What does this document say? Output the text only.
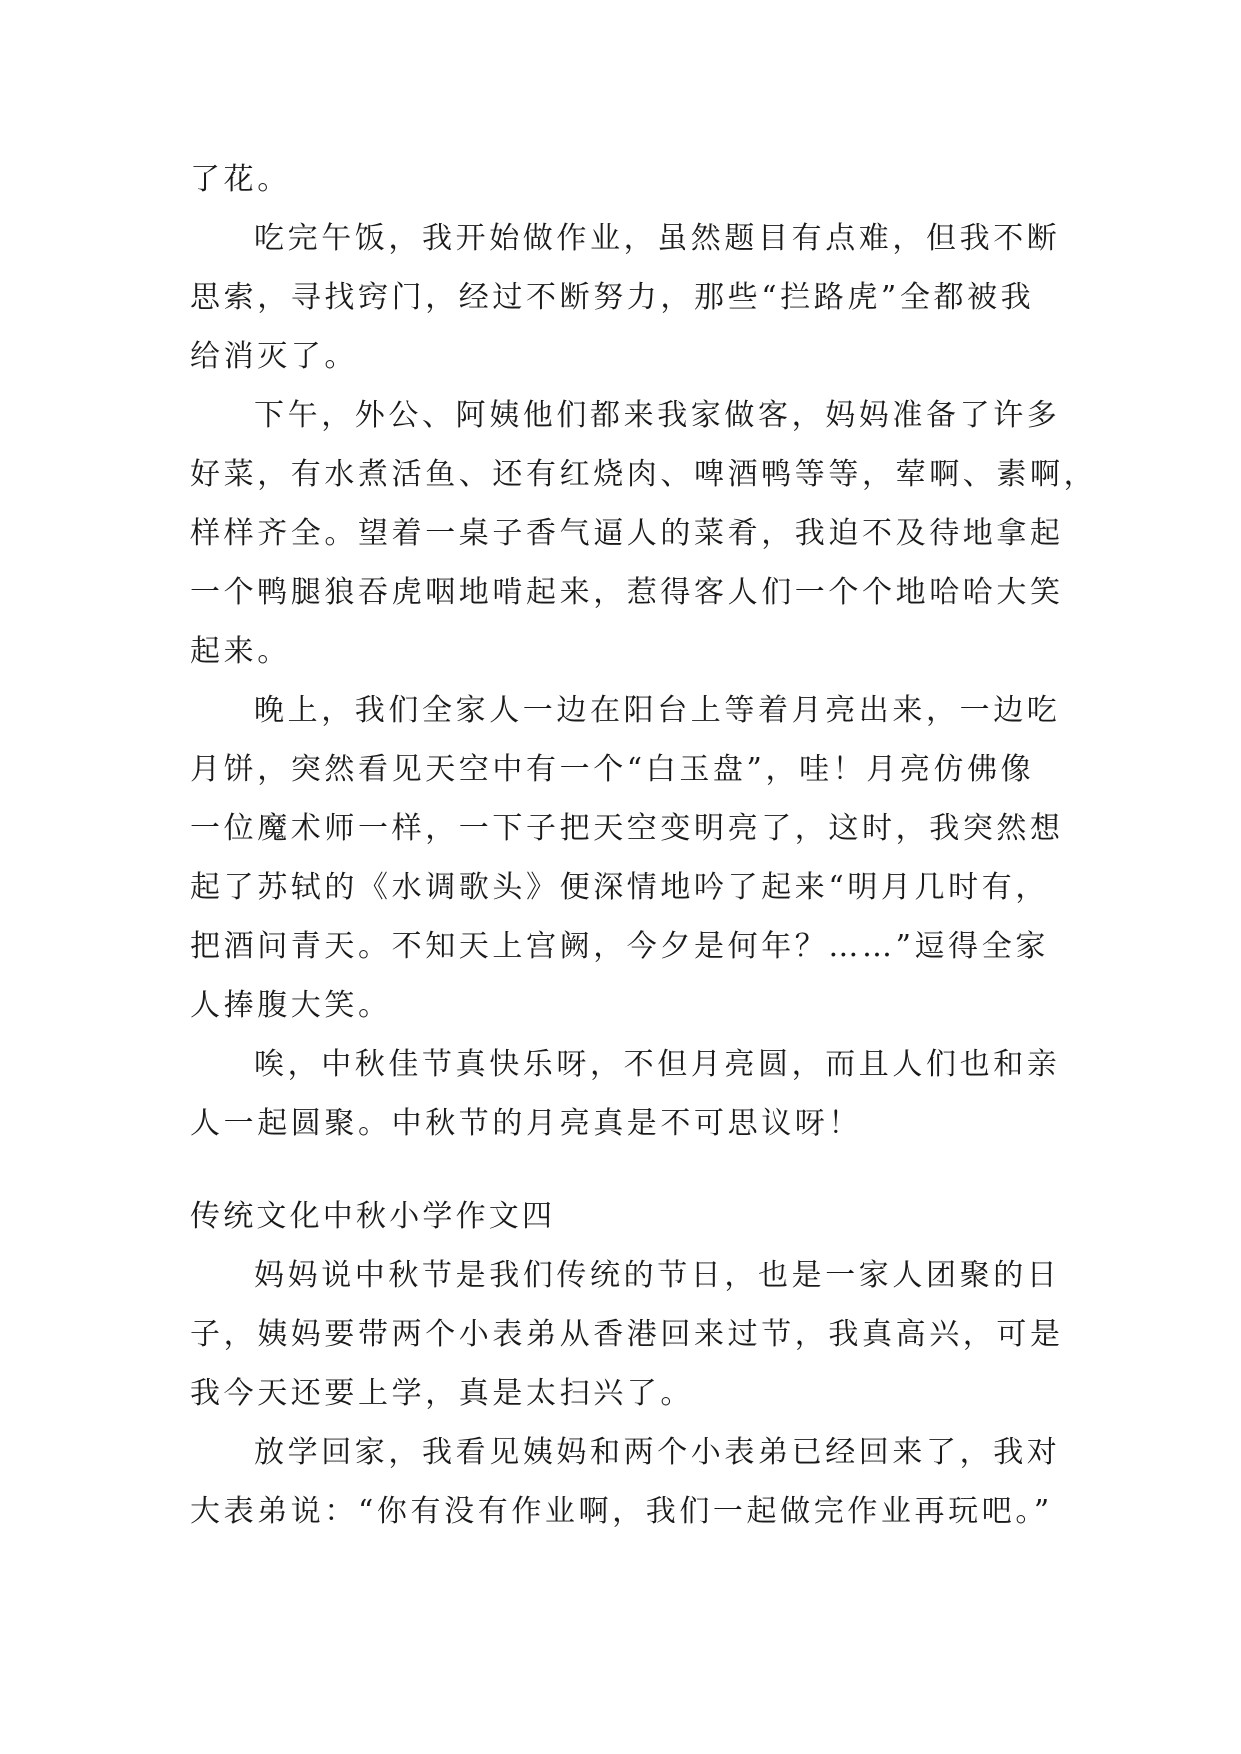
了花。
吃完午饭，我开始做作业，虽然题目有点难，但我不断
思索，寻找窍门，经过不断努力，那些“拦路虎”全都被我
给消灭了。
下午，外公、阿姨他们都来我家做客，妈妈准备了许多
好菜，有水煮活鱼、还有红烧肉、啤酒鸭等等，荤啊、素啊，
样样齐全。望着一桌子香气逼人的菜肴，我迫不及待地拿起
一个鸭腿狼吞虎咽地啃起来，惹得客人们一个个地哈哈大笑
起来。
晚上，我们全家人一边在阳台上等着月亮出来，一边吃
月饼，突然看见天空中有一个“白玉盘”，哇！月亮仿佛像
一位魔术师一样，一下子把天空变明亮了，这时，我突然想
起了苏轼的《水调歌头》便深情地吟了起来“明月几时有，
把酒问青天。不知天上宫阙，今夕是何年？……”逗得全家
人捧腹大笑。
唉，中秋佳节真快乐呀，不但月亮圆，而且人们也和亲
人一起圆聚。中秋节的月亮真是不可思议呀！
传统文化中秋小学作文四
妈妈说中秋节是我们传统的节日，也是一家人团聚的日
子，姨妈要带两个小表弟从香港回来过节，我真高兴，可是
我今天还要上学，真是太扫兴了。
放学回家，我看见姨妈和两个小表弟已经回来了，我对
大表弟说：“你有没有作业啊，我们一起做完作业再玩吧。”
